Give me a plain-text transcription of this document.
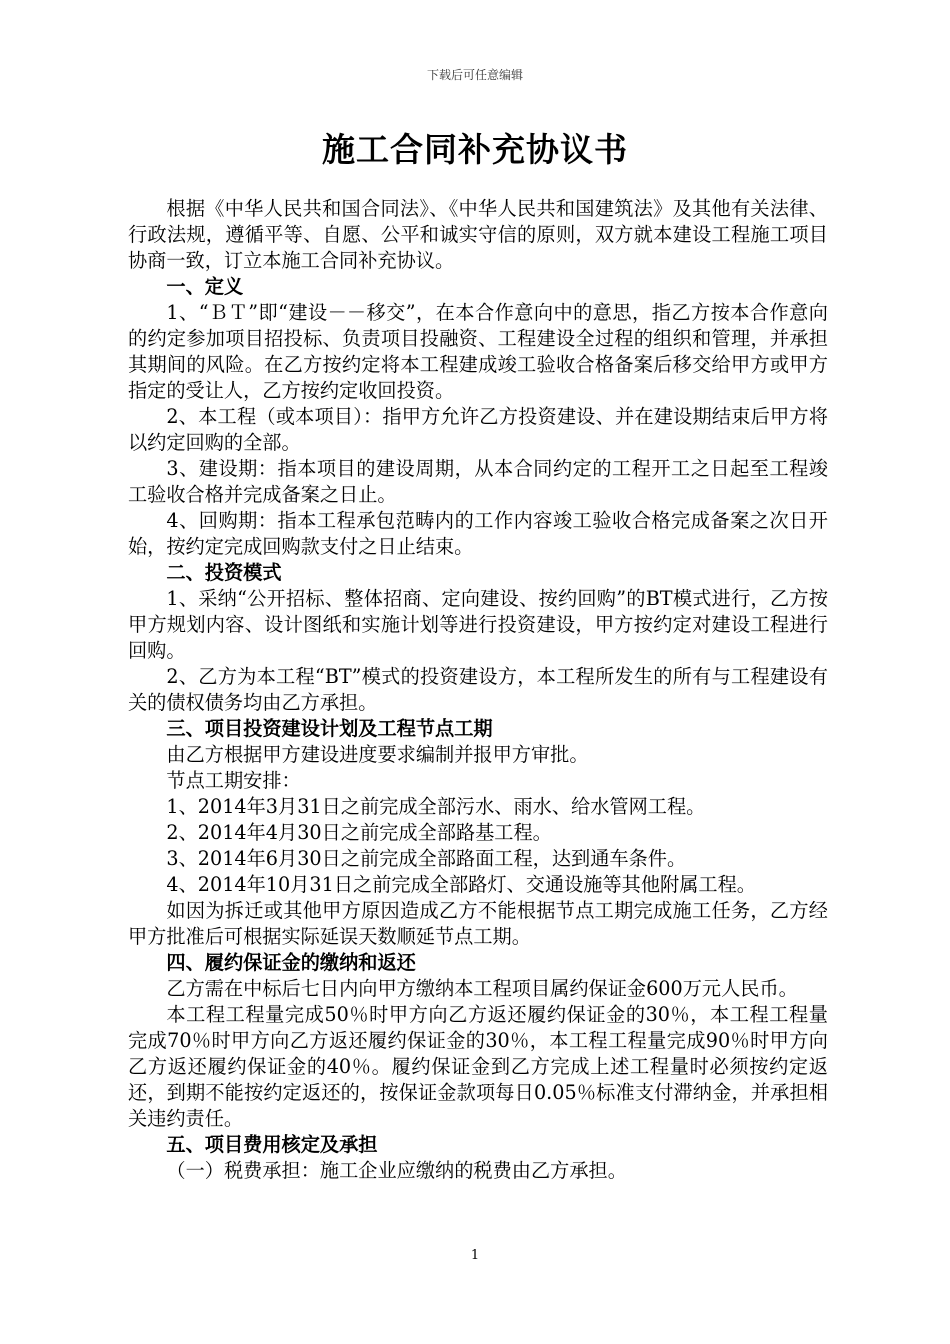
下载后可任意编辑
施工合同补充协议书

根据《中华人民共和国合同法》、《中华人民共和国建筑法》及其他有关法律、行政法规，遵循平等、自愿、公平和诚实守信的原则，双方就本建设工程施工项目协商一致，订立本施工合同补充协议。

一、定义

1、“ＢＴ”即“建设－－移交”，在本合作意向中的意思，指乙方按本合作意向的约定参加项目招投标、负责项目投融资、工程建设全过程的组织和管理，并承担其期间的风险。在乙方按约定将本工程建成竣工验收合格备案后移交给甲方或甲方指定的受让人，乙方按约定收回投资。

2、本工程（或本项目）：指甲方允许乙方投资建设、并在建设期结束后甲方将以约定回购的全部。

3、建设期：指本项目的建设周期，从本合同约定的工程开工之日起至工程竣工验收合格并完成备案之日止。

4、回购期：指本工程承包范畴内的工作内容竣工验收合格完成备案之次日开始，按约定完成回购款支付之日止结束。

二、投资模式

1、采纳“公开招标、整体招商、定向建设、按约回购”的BT模式进行，乙方按甲方规划内容、设计图纸和实施计划等进行投资建设，甲方按约定对建设工程进行回购。

2、乙方为本工程“BT”模式的投资建设方，本工程所发生的所有与工程建设有关的债权债务均由乙方承担。

三、项目投资建设计划及工程节点工期

由乙方根据甲方建设进度要求编制并报甲方审批。

节点工期安排：

1、2014年3月31日之前完成全部污水、雨水、给水管网工程。

2、2014年4月30日之前完成全部路基工程。

3、2014年6月30日之前完成全部路面工程，达到通车条件。

4、2014年10月31日之前完成全部路灯、交通设施等其他附属工程。

如因为拆迁或其他甲方原因造成乙方不能根据节点工期完成施工任务，乙方经甲方批准后可根据实际延误天数顺延节点工期。

四、履约保证金的缴纳和返还

乙方需在中标后七日内向甲方缴纳本工程项目属约保证金600万元人民币。

本工程工程量完成50％时甲方向乙方返还履约保证金的30％，本工程工程量完成70％时甲方向乙方返还履约保证金的30％，本工程工程量完成90％时甲方向乙方返还履约保证金的40％。履约保证金到乙方完成上述工程量时必须按约定返还，到期不能按约定返还的，按保证金款项每日0.05％标准支付滞纳金，并承担相关违约责任。

五、项目费用核定及承担

（一）税费承担：施工企业应缴纳的税费由乙方承担。

1
